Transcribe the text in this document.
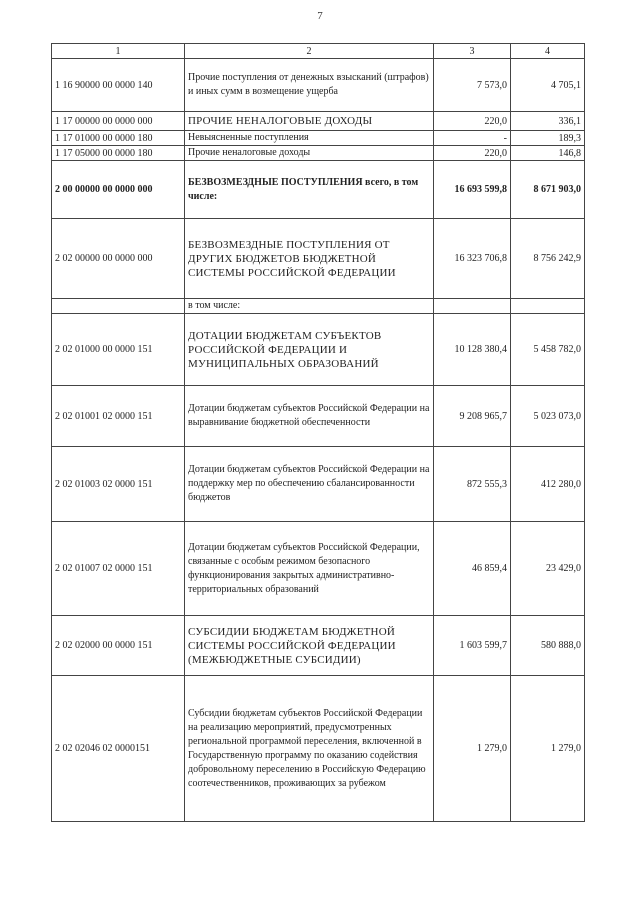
7
1	2	3	4
1 16 90000 00 0000 140	Прочие поступления от денежных взысканий (штрафов) и иных сумм в возмещение ущерба	7 573,0	4 705,1
1 17 00000 00 0000 000	ПРОЧИЕ НЕНАЛОГОВЫЕ ДОХОДЫ	220,0	336,1
1 17 01000 00 0000 180	Невыясненные поступления	-	189,3
1 17 05000 00 0000 180	Прочие неналоговые доходы	220,0	146,8
2 00 00000 00 0000 000	БЕЗВОЗМЕЗДНЫЕ ПОСТУПЛЕНИЯ всего, в том числе:	16 693 599,8	8 671 903,0
2 02 00000 00 0000 000	БЕЗВОЗМЕЗДНЫЕ ПОСТУПЛЕНИЯ ОТ ДРУГИХ БЮДЖЕТОВ БЮДЖЕТНОЙ СИСТЕМЫ РОССИЙСКОЙ ФЕДЕРАЦИИ	16 323 706,8	8 756 242,9
	в том числе:		
2 02 01000 00 0000 151	ДОТАЦИИ БЮДЖЕТАМ СУБЪЕКТОВ РОССИЙСКОЙ ФЕДЕРАЦИИ И МУНИЦИПАЛЬНЫХ ОБРАЗОВАНИЙ	10 128 380,4	5 458 782,0
2 02 01001 02 0000 151	Дотации бюджетам субъектов Российской Федерации на выравнивание бюджетной обеспеченности	9 208 965,7	5 023 073,0
2 02 01003 02 0000 151	Дотации бюджетам субъектов Российской Федерации на поддержку мер по обеспечению сбалансированности бюджетов	872 555,3	412 280,0
2 02 01007 02 0000 151	Дотации бюджетам субъектов Российской Федерации, связанные с особым режимом безопасного функционирования закрытых административно-территориальных образований	46 859,4	23 429,0
2 02 02000 00 0000 151	СУБСИДИИ БЮДЖЕТАМ БЮДЖЕТНОЙ СИСТЕМЫ РОССИЙСКОЙ ФЕДЕРАЦИИ (МЕЖБЮДЖЕТНЫЕ СУБСИДИИ)	1 603 599,7	580 888,0
2 02 02046 02 0000151	Субсидии бюджетам субъектов Российской Федерации на реализацию мероприятий, предусмотренных региональной программой переселения, включенной в Государственную программу по оказанию содействия добровольному переселению в Российскую Федерацию соотечественников, проживающих за рубежом	1 279,0	1 279,0
